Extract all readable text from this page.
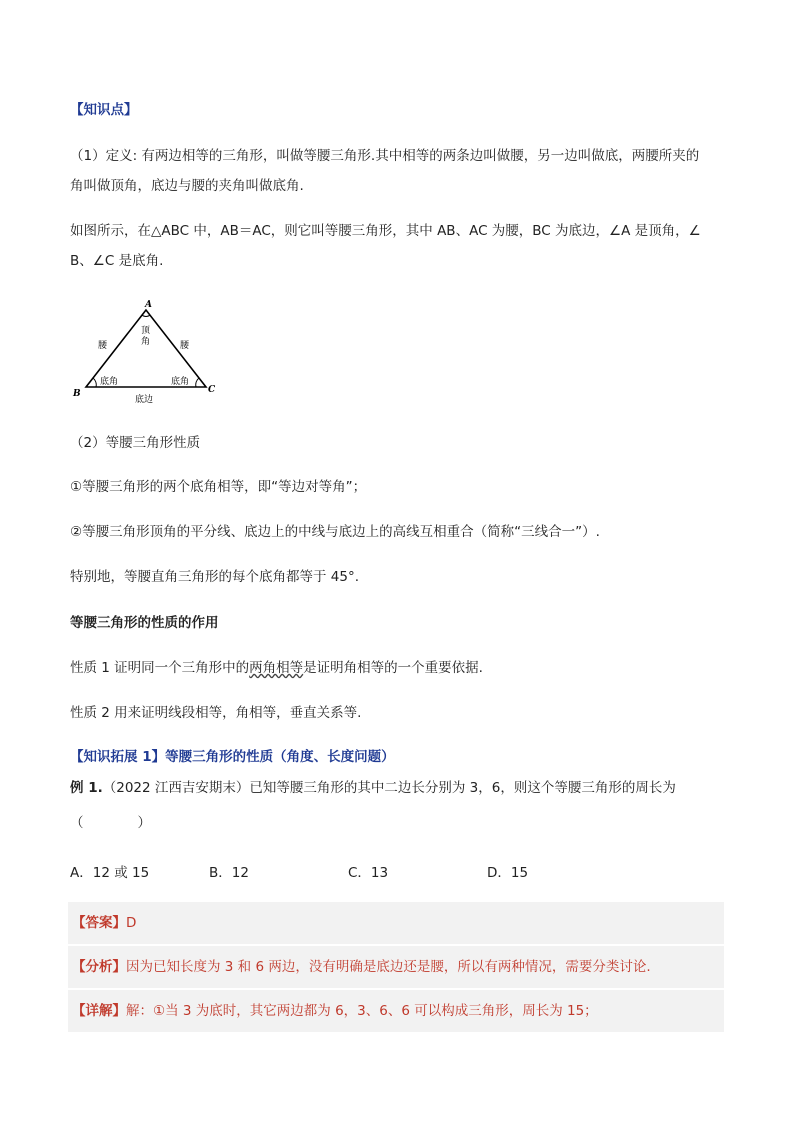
【知识点】
（1）定义: 有两边相等的三角形，叫做等腰三角形.其中相等的两条边叫做腰，另一边叫做底，两腰所夹的
角叫做顶角，底边与腰的夹角叫做底角.
如图所示，在△ABC 中，AB＝AC，则它叫等腰三角形，其中 AB、AC 为腰，BC 为底边，∠A 是顶角，∠
B、∠C 是底角.
A
B	C
顶
角
腰	腰
底角	底角
底边
（2）等腰三角形性质
①等腰三角形的两个底角相等，即“等边对等角”；
②等腰三角形顶角的平分线、底边上的中线与底边上的高线互相重合（简称“三线合一”）.
特别地，等腰直角三角形的每个底角都等于 45°.
等腰三角形的性质的作用
性质 1 证明同一个三角形中的两角相等是证明角相等的一个重要依据.
性质 2 用来证明线段相等，角相等，垂直关系等.
【知识拓展 1】等腰三角形的性质（角度、长度问题）
例 1.（2022 江西吉安期末）已知等腰三角形的其中二边长分别为 3，6，则这个等腰三角形的周长为
（　　　　）
A．12 或 15	B．12	C．13	D．15
【答案】D
【分析】因为已知长度为 3 和 6 两边，没有明确是底边还是腰，所以有两种情况，需要分类讨论.
【详解】解：①当 3 为底时，其它两边都为 6，3、6、6 可以构成三角形，周长为 15；
